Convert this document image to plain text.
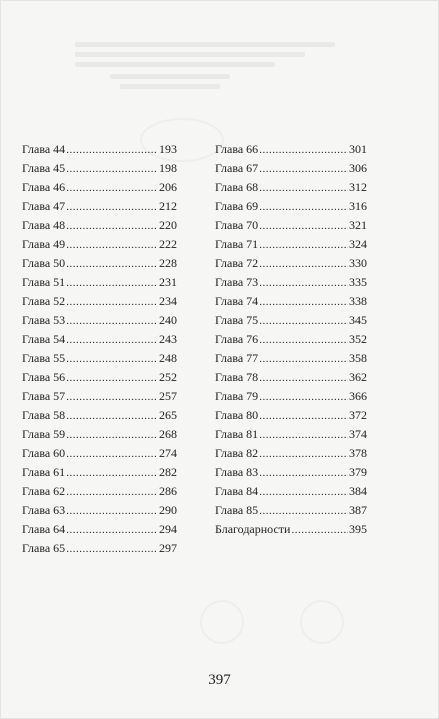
Глава 44 .....	193
Глава 45 .....	198
Глава 46 .....	206
Глава 47 .....	212
Глава 48 .....	220
Глава 49 .....	222
Глава 50 .....	228
Глава 51 .....	231
Глава 52 .....	234
Глава 53 .....	240
Глава 54 .....	243
Глава 55 .....	248
Глава 56 .....	252
Глава 57 .....	257
Глава 58 .....	265
Глава 59 .....	268
Глава 60 .....	274
Глава 61 .....	282
Глава 62 .....	286
Глава 63 .....	290
Глава 64 .....	294
Глава 65 .....	297
Глава 66 .....	301
Глава 67 .....	306
Глава 68 .....	312
Глава 69 .....	316
Глава 70 .....	321
Глава 71 .....	324
Глава 72 .....	330
Глава 73 .....	335
Глава 74 .....	338
Глава 75 .....	345
Глава 76 .....	352
Глава 77 .....	358
Глава 78 .....	362
Глава 79 .....	366
Глава 80 .....	372
Глава 81 .....	374
Глава 82 .....	378
Глава 83 .....	379
Глава 84 .....	384
Глава 85 .....	387
Благодарности .....	395
397
